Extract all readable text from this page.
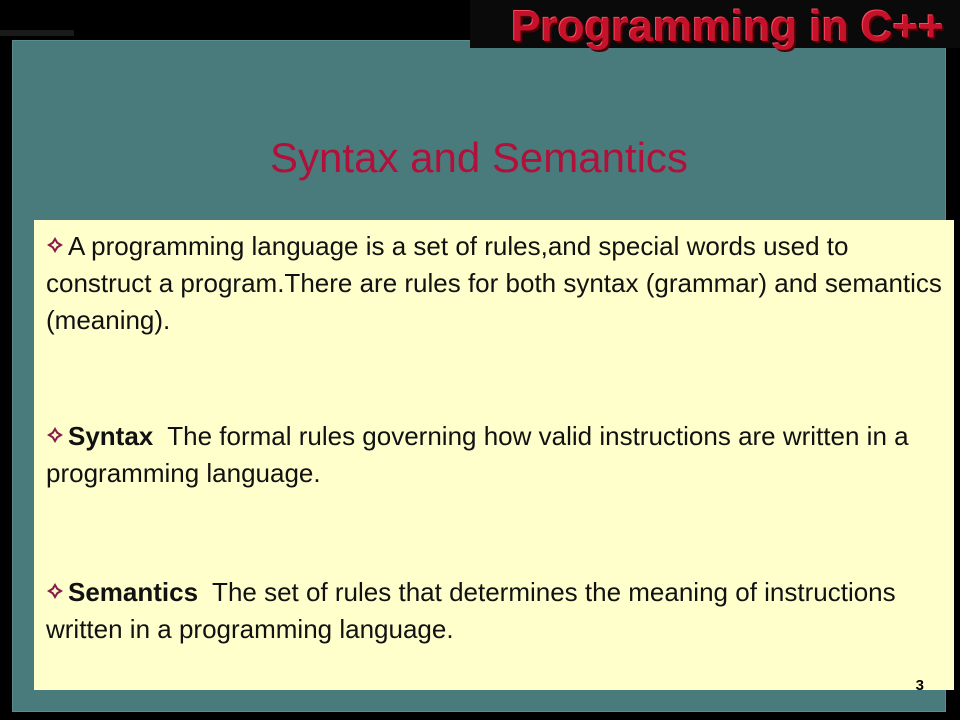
Syntax and Semantics
3
Programming in C++
A programming language is a set of rules,and special words used to construct a program.There are rules for both syntax (grammar) and semantics (meaning).
Syntax  The formal rules governing how valid instructions are written in a programming language.
Semantics  The set of rules that determines the meaning of instructions written in a programming language.
